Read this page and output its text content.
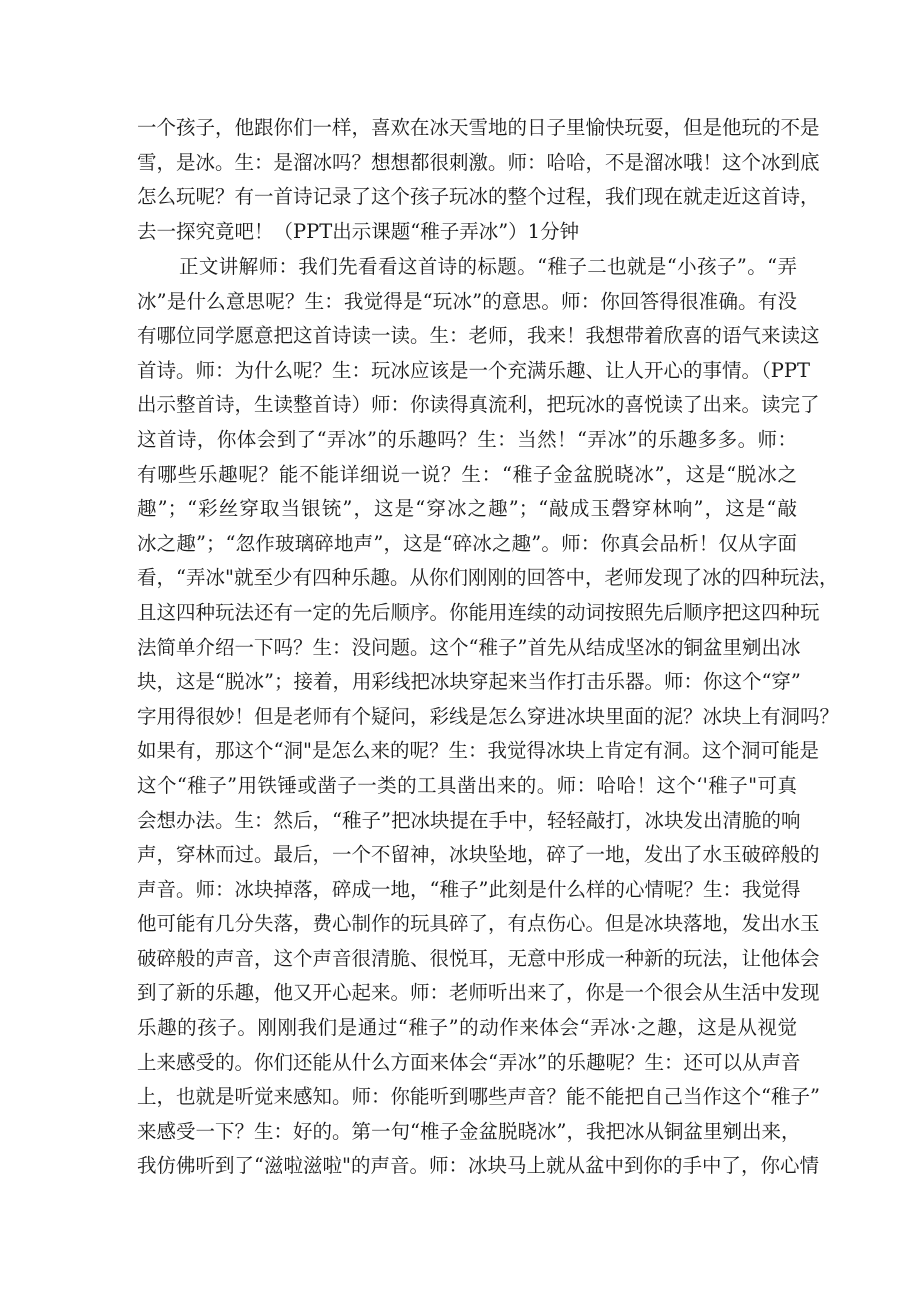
一个孩子，他跟你们一样，喜欢在冰天雪地的日子里愉快玩耍，但是他玩的不是
雪，是冰。生：是溜冰吗？想想都很刺激。师：哈哈，不是溜冰哦！这个冰到底
怎么玩呢？有一首诗记录了这个孩子玩冰的整个过程，我们现在就走近这首诗，
去一探究竟吧！（PPT出示课题“稚子弄冰”）1分钟
正文讲解师：我们先看看这首诗的标题。“稚子二也就是“小孩子”。“弄
冰”是什么意思呢？生：我觉得是“玩冰”的意思。师：你回答得很准确。有没
有哪位同学愿意把这首诗读一读。生：老师，我来！我想带着欣喜的语气来读这
首诗。师：为什么呢？生：玩冰应该是一个充满乐趣、让人开心的事情。（PPT
出示整首诗，生读整首诗）师：你读得真流利，把玩冰的喜悦读了出来。读完了
这首诗，你体会到了“弄冰”的乐趣吗？生：当然！“弄冰”的乐趣多多。师：
有哪些乐趣呢？能不能详细说一说？生：“稚子金盆脱晓冰”，这是“脱冰之
趣”；“彩丝穿取当银铳”，这是“穿冰之趣”；“敲成玉磬穿林响”，这是“敲
冰之趣”；“忽作玻璃碎地声”，这是“碎冰之趣”。师：你真会品析！仅从字面
看，“弄冰"就至少有四种乐趣。从你们刚刚的回答中，老师发现了冰的四种玩法，
且这四种玩法还有一定的先后顺序。你能用连续的动词按照先后顺序把这四种玩
法简单介绍一下吗？生：没问题。这个“稚子”首先从结成坚冰的铜盆里剜出冰
块，这是“脱冰”；接着，用彩线把冰块穿起来当作打击乐器。师：你这个“穿”
字用得很妙！但是老师有个疑问，彩线是怎么穿进冰块里面的泥？冰块上有洞吗？
如果有，那这个“洞"是怎么来的呢？生：我觉得冰块上肯定有洞。这个洞可能是
这个“稚子”用铁锤或凿子一类的工具凿出来的。师：哈哈！这个‘'稚子"可真
会想办法。生：然后，“稚子”把冰块提在手中，轻轻敲打，冰块发出清脆的响
声，穿林而过。最后，一个不留神，冰块坠地，碎了一地，发出了水玉破碎般的
声音。师：冰块掉落，碎成一地，“稚子”此刻是什么样的心情呢？生：我觉得
他可能有几分失落，费心制作的玩具碎了，有点伤心。但是冰块落地，发出水玉
破碎般的声音，这个声音很清脆、很悦耳，无意中形成一种新的玩法，让他体会
到了新的乐趣，他又开心起来。师：老师听出来了，你是一个很会从生活中发现
乐趣的孩子。刚刚我们是通过“稚子”的动作来体会“弄冰·之趣，这是从视觉
上来感受的。你们还能从什么方面来体会“弄冰”的乐趣呢？生：还可以从声音
上，也就是听觉来感知。师：你能听到哪些声音？能不能把自己当作这个“稚子”
来感受一下？生：好的。第一句“椎子金盆脱晓冰”，我把冰从铜盆里剜出来，
我仿佛听到了“滋啦滋啦"的声音。师：冰块马上就从盆中到你的手中了，你心情
